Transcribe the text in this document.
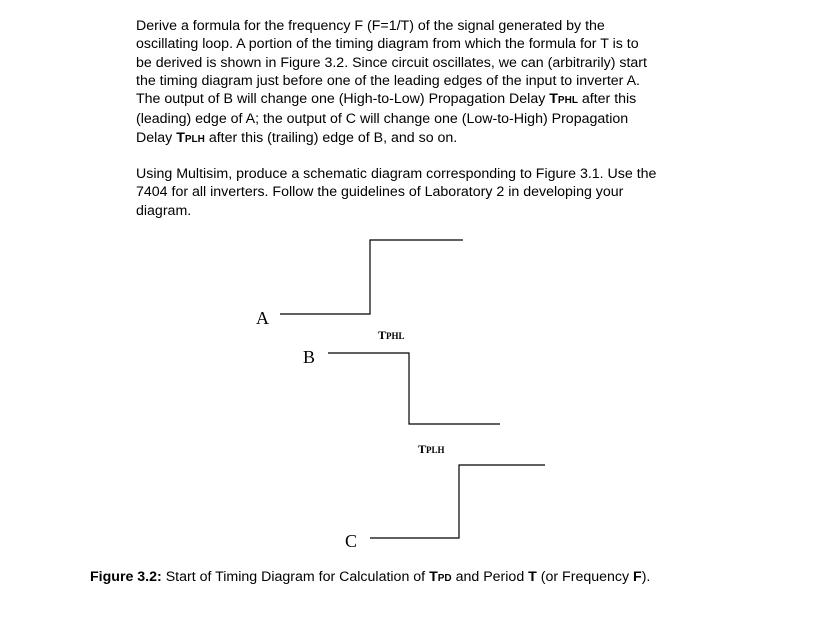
Derive a formula for the frequency F (F=1/T) of the signal generated by the
oscillating loop. A portion of the timing diagram from which the formula for T is to
be derived is shown in Figure 3.2. Since circuit oscillates, we can (arbitrarily) start
the timing diagram just before one of the leading edges of the input to inverter A.
The output of B will change one (High-to-Low) Propagation Delay TPHL after this
(leading) edge of A; the output of C will change one (Low-to-High) Propagation
Delay TPLH after this (trailing) edge of B, and so on.
Using Multisim, produce a schematic diagram corresponding to Figure 3.1. Use the
7404 for all inverters. Follow the guidelines of Laboratory 2 in developing your
diagram.
A
TPHL
B
TPLH
C
Figure 3.2: Start of Timing Diagram for Calculation of TPD and Period T (or Frequency F).
